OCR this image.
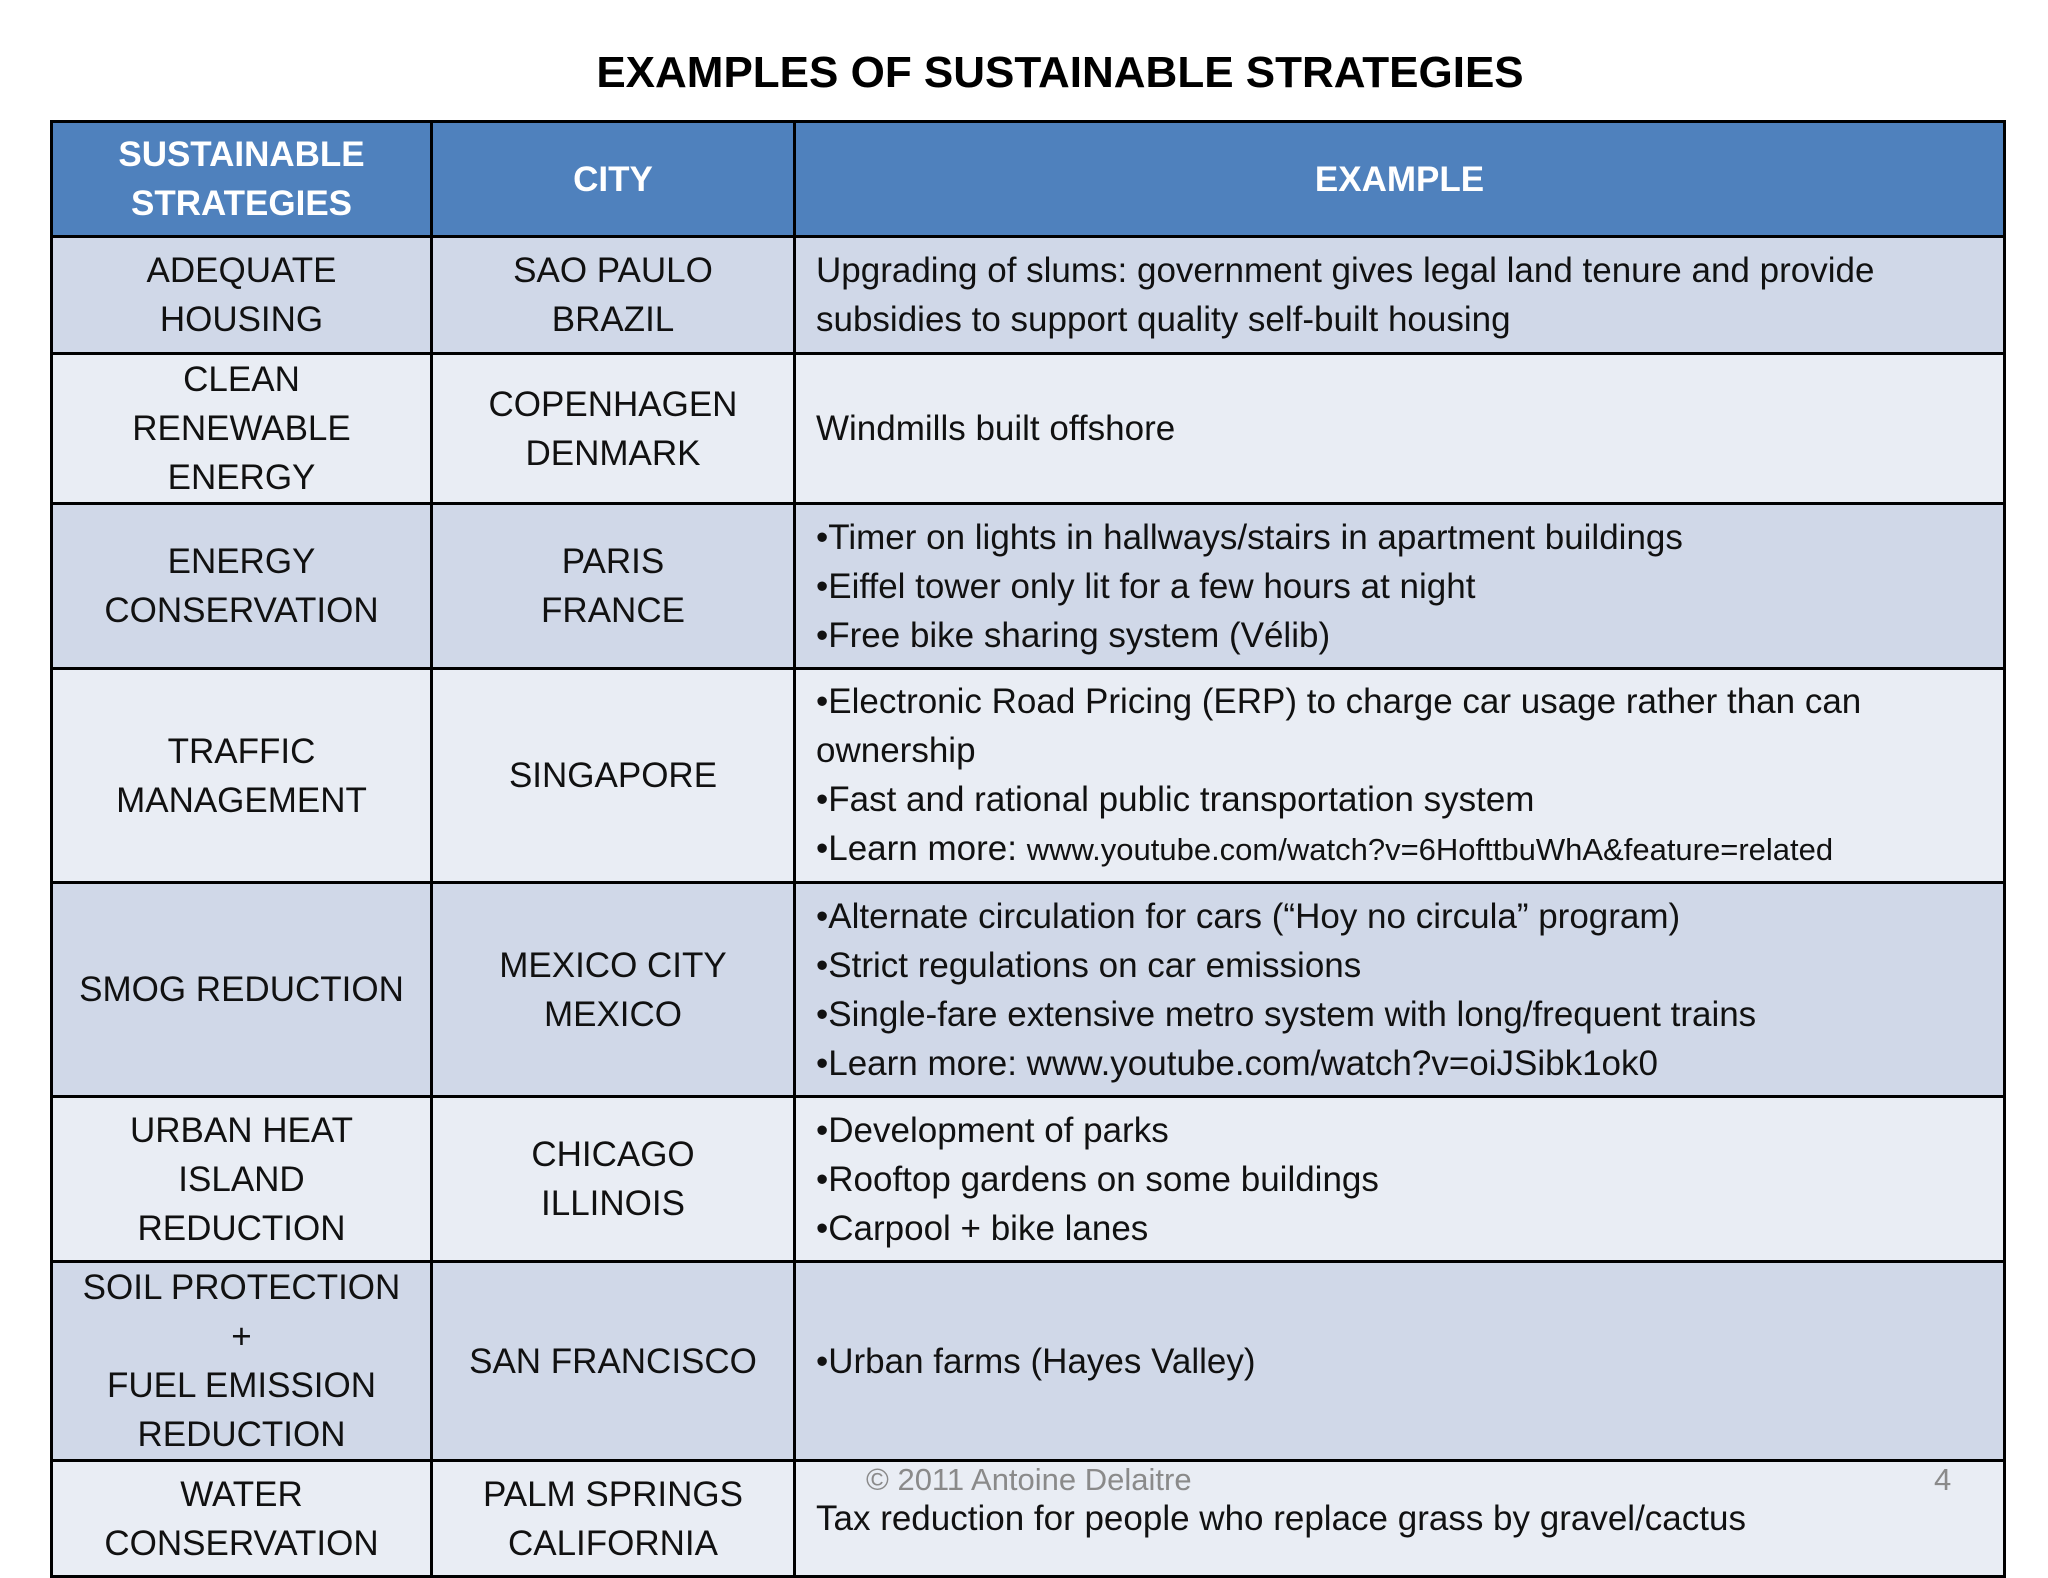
EXAMPLES OF SUSTAINABLE STRATEGIES
SUSTAINABLE
STRATEGIES	CITY	EXAMPLE

ADEQUATE
HOUSING	SAO PAULO
BRAZIL	Upgrading of slums: government gives legal land tenure and provide
subsidies to support quality self-built housing

CLEAN RENEWABLE
ENERGY	COPENHAGEN
DENMARK	Windmills built offshore

ENERGY
CONSERVATION	PARIS
FRANCE	•Timer on lights in hallways/stairs in apartment buildings
•Eiffel tower only lit for a few hours at night
•Free bike sharing system (Vélib)

TRAFFIC
MANAGEMENT	SINGAPORE	•Electronic Road Pricing (ERP) to charge car usage rather than can
ownership
•Fast and rational public transportation system
•Learn more: www.youtube.com/watch?v=6HofttbuWhA&feature=related

SMOG REDUCTION	MEXICO CITY
MEXICO	•Alternate circulation for cars (“Hoy no circula” program)
•Strict regulations on car emissions
•Single-fare extensive metro system with long/frequent trains
•Learn more: www.youtube.com/watch?v=oiJSibk1ok0

URBAN HEAT
ISLAND REDUCTION	CHICAGO
ILLINOIS	•Development of parks
•Rooftop gardens on some buildings
•Carpool + bike lanes

SOIL PROTECTION +
FUEL EMISSION
REDUCTION	SAN FRANCISCO	•Urban farms (Hayes Valley)

WATER
CONSERVATION	PALM SPRINGS
CALIFORNIA	Tax reduction for people who replace grass by gravel/cactus
© 2011 Antoine Delaitre	4
